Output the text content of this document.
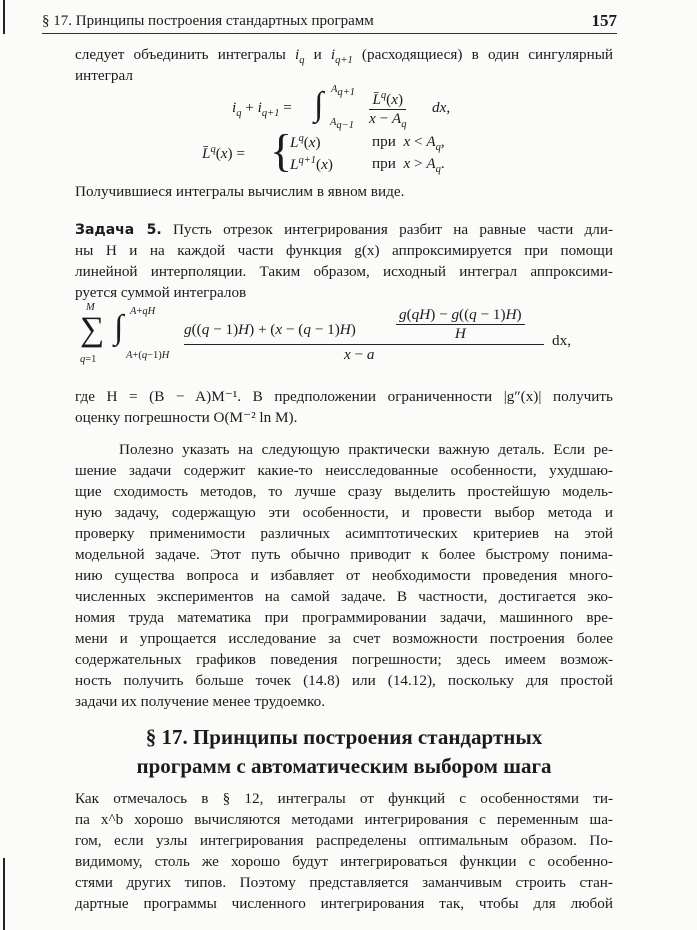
§ 17. Принципы построения стандартных программ	157
следует объединить интегралы $i_q$ и $i_{q+1}$ (расходящиеся) в один сингулярный
интеграл
$i_q + i_{q+1}$ = ∫ $A_{q+1}$
$A_{q-1} \frac{L̄^q(x)}{x - A_q}$ dx,
L̄$^q$(x) = {
$L^q(x)$
$L^{q+1}(x)$
при  $x < A_q$,
при  $x > A_q$.
Получившиеся интегралы вычислим в явном виде.
Задача 5. Пусть отрезок интегрирования разбит на равные части дли-
ны H и на каждой части функция g(x) аппроксимируется при помощи
линейной интерполяции. Таким образом, исходный интеграл аппроксими-
руется суммой интегралов
M
∑
q=1
∫ A+qH
A+(q−1)H
g((q − 1)H) + (x − (q − 1)H)	$\frac{g(qH) - g((q - 1)H)}{H}$
x − a
dx,
где H = (B − A)M⁻¹. В предположении ограниченности |g″(x)| получить
оценку погрешности O(M⁻² ln M).
Полезно указать на следующую практически важную деталь. Если ре-
шение задачи содержит какие-то неисследованные особенности, ухудшаю-
щие сходимость методов, то лучше сразу выделить простейшую модель-
ную задачу, содержащую эти особенности, и провести выбор метода и
проверку применимости различных асимптотических критериев на этой
модельной задаче. Этот путь обычно приводит к более быстрому понима-
нию существа вопроса и избавляет от необходимости проведения много-
численных экспериментов на самой задаче. В частности, достигается эко-
номия труда математика при программировании задачи, машинного вре-
мени и упрощается исследование за счет возможности построения более
содержательных графиков поведения погрешности; здесь имеем возмож-
ность получить больше точек (14.8) или (14.12), поскольку для простой
задачи их получение менее трудоемко.
§ 17. Принципы построения стандартных
программ с автоматическим выбором шага
Как отмечалось в § 12, интегралы от функций с особенностями ти-
па x^b хорошо вычисляются методами интегрирования с переменным ша-
гом, если узлы интегрирования распределены оптимальным образом. По-
видимому, столь же хорошо будут интегрироваться функции с особенно-
стями других типов. Поэтому представляется заманчивым строить стан-
дартные программы численного интегрирования так, чтобы для любой
